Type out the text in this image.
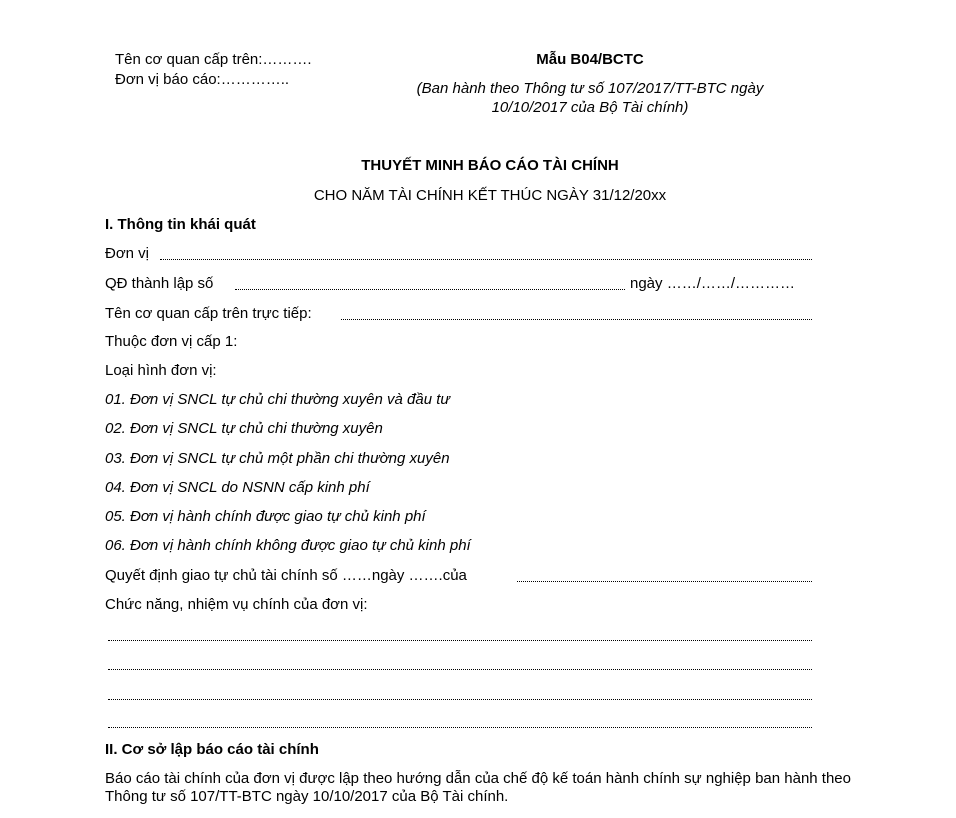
Tên cơ quan cấp trên:……….
Đơn vị báo cáo:…………..
Mẫu B04/BCTC
(Ban hành theo Thông tư số 107/2017/TT-BTC ngày
10/10/2017 của Bộ Tài chính)
THUYẾT MINH BÁO CÁO TÀI CHÍNH
CHO NĂM TÀI CHÍNH KẾT THÚC NGÀY 31/12/20xx
I. Thông tin khái quát
Đơn vị
QĐ thành lập số	ngày ……/……/…………
Tên cơ quan cấp trên trực tiếp:
Thuộc đơn vị cấp 1:
Loại hình đơn vị:
01. Đơn vị SNCL tự chủ chi thường xuyên và đầu tư
02. Đơn vị SNCL tự chủ chi thường xuyên
03. Đơn vị SNCL tự chủ một phần chi thường xuyên
04. Đơn vị SNCL do NSNN cấp kinh phí
05. Đơn vị hành chính được giao tự chủ kinh phí
06. Đơn vị hành chính không được giao tự chủ kinh phí
Quyết định giao tự chủ tài chính số ……ngày …….của
Chức năng, nhiệm vụ chính của đơn vị:
II. Cơ sở lập báo cáo tài chính
Báo cáo tài chính của đơn vị được lập theo hướng dẫn của chế độ kế toán hành chính sự nghiệp ban hành theo Thông tư số 107/TT-BTC ngày 10/10/2017 của Bộ Tài chính.
